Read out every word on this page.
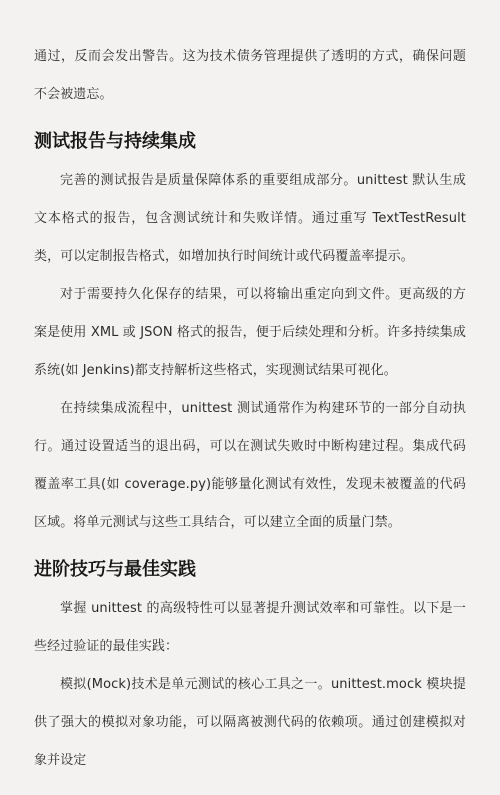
通过，反而会发出警告。这为技术债务管理提供了透明的方式，确保问题不会被遗忘。

测试报告与持续集成

完善的测试报告是质量保障体系的重要组成部分。unittest 默认生成文本格式的报告，包含测试统计和失败详情。通过重写 TextTestResult 类，可以定制报告格式，如增加执行时间统计或代码覆盖率提示。

对于需要持久化保存的结果，可以将输出重定向到文件。更高级的方案是使用 XML 或 JSON 格式的报告，便于后续处理和分析。许多持续集成系统(如 Jenkins)都支持解析这些格式，实现测试结果可视化。

在持续集成流程中，unittest 测试通常作为构建环节的一部分自动执行。通过设置适当的退出码，可以在测试失败时中断构建过程。集成代码覆盖率工具(如 coverage.py)能够量化测试有效性，发现未被覆盖的代码区域。将单元测试与这些工具结合，可以建立全面的质量门禁。

进阶技巧与最佳实践

掌握 unittest 的高级特性可以显著提升测试效率和可靠性。以下是一些经过验证的最佳实践：

模拟(Mock)技术是单元测试的核心工具之一。unittest.mock 模块提供了强大的模拟对象功能，可以隔离被测代码的依赖项。通过创建模拟对象并设定
